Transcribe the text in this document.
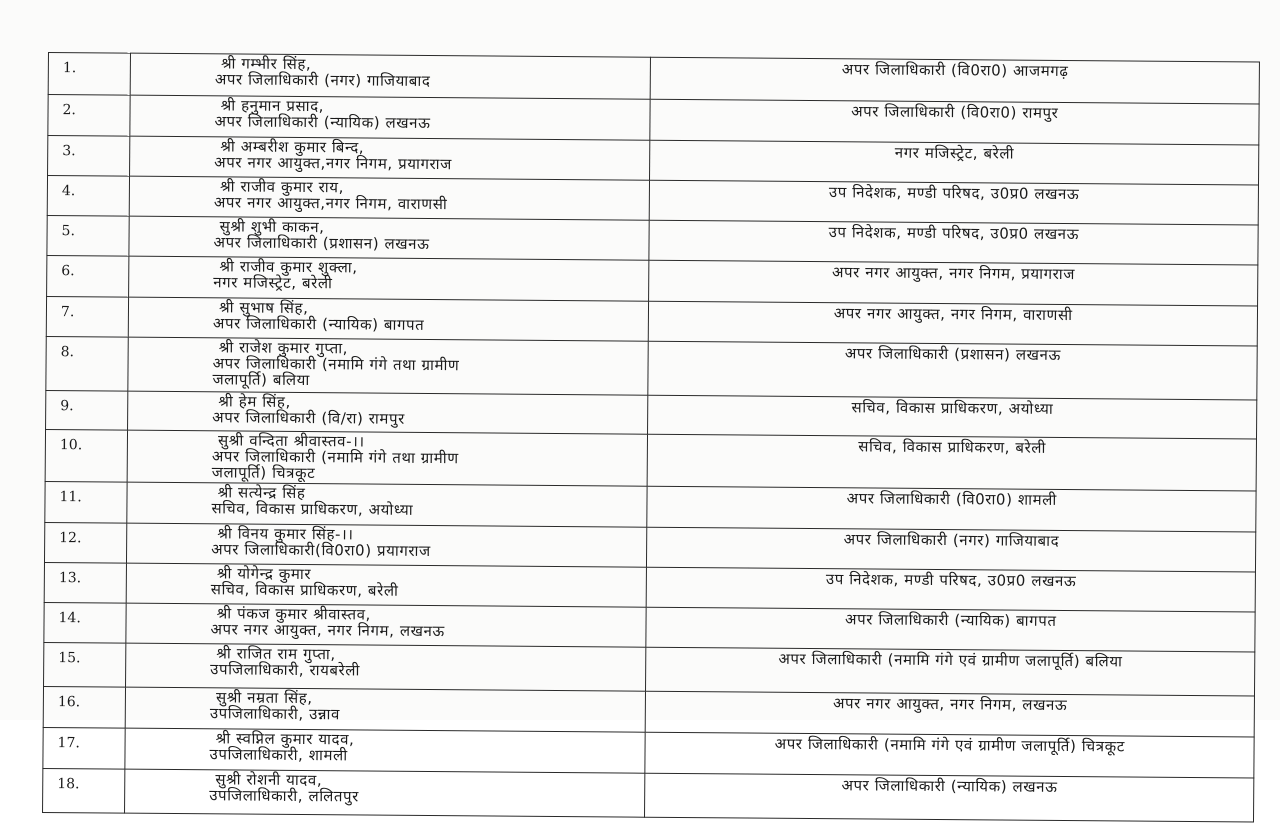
1.	श्री गम्भीर सिंह,
अपर जिलाधिकारी (नगर) गाजियाबाद	अपर जिलाधिकारी (वि0रा0) आजमगढ़
2.	श्री हनुमान प्रसाद,
अपर जिलाधिकारी (न्यायिक) लखनऊ	अपर जिलाधिकारी (वि0रा0) रामपुर
3.	श्री अम्बरीश कुमार बिन्द,
अपर नगर आयुक्त,नगर निगम, प्रयागराज	नगर मजिस्ट्रेट, बरेली
4.	श्री राजीव कुमार राय,
अपर नगर आयुक्त,नगर निगम, वाराणसी	उप निदेशक, मण्डी परिषद, उ0प्र0 लखनऊ
5.	सुश्री शुभी काकन,
अपर जिलाधिकारी (प्रशासन) लखनऊ	उप निदेशक, मण्डी परिषद, उ0प्र0 लखनऊ
6.	श्री राजीव कुमार शुक्ला,
नगर मजिस्ट्रेट, बरेली	अपर नगर आयुक्त, नगर निगम, प्रयागराज
7.	श्री सुभाष सिंह,
अपर जिलाधिकारी (न्यायिक) बागपत	अपर नगर आयुक्त, नगर निगम, वाराणसी
8.	श्री राजेश कुमार गुप्ता,
अपर जिलाधिकारी (नमामि गंगे तथा ग्रामीण
जलापूर्ति) बलिया	अपर जिलाधिकारी (प्रशासन) लखनऊ
9.	श्री हेम सिंह,
अपर जिलाधिकारी (वि/रा) रामपुर	सचिव, विकास प्राधिकरण, अयोध्या
10.	सुश्री वन्दिता श्रीवास्तव-।।
अपर जिलाधिकारी (नमामि गंगे तथा ग्रामीण
जलापूर्ति) चित्रकूट	सचिव, विकास प्राधिकरण, बरेली
11.	श्री सत्येन्द्र सिंह
सचिव, विकास प्राधिकरण, अयोध्या	अपर जिलाधिकारी (वि0रा0) शामली
12.	श्री विनय कुमार सिंह-।।
अपर जिलाधिकारी(वि0रा0) प्रयागराज	अपर जिलाधिकारी (नगर) गाजियाबाद
13.	श्री योगेन्द्र कुमार
सचिव, विकास प्राधिकरण, बरेली	उप निदेशक, मण्डी परिषद, उ0प्र0 लखनऊ
14.	श्री पंकज कुमार श्रीवास्तव,
अपर नगर आयुक्त, नगर निगम, लखनऊ	अपर जिलाधिकारी (न्यायिक) बागपत
15.	श्री राजित राम गुप्ता,
उपजिलाधिकारी, रायबरेली	अपर जिलाधिकारी (नमामि गंगे एवं ग्रामीण जलापूर्ति) बलिया
16.	सुश्री नम्रता सिंह,
उपजिलाधिकारी, उन्नाव	अपर नगर आयुक्त, नगर निगम, लखनऊ
17.	श्री स्वप्निल कुमार यादव,
उपजिलाधिकारी, शामली	अपर जिलाधिकारी (नमामि गंगे एवं ग्रामीण जलापूर्ति) चित्रकूट
18.	सुश्री रोशनी यादव,
उपजिलाधिकारी, ललितपुर	अपर जिलाधिकारी (न्यायिक) लखनऊ
